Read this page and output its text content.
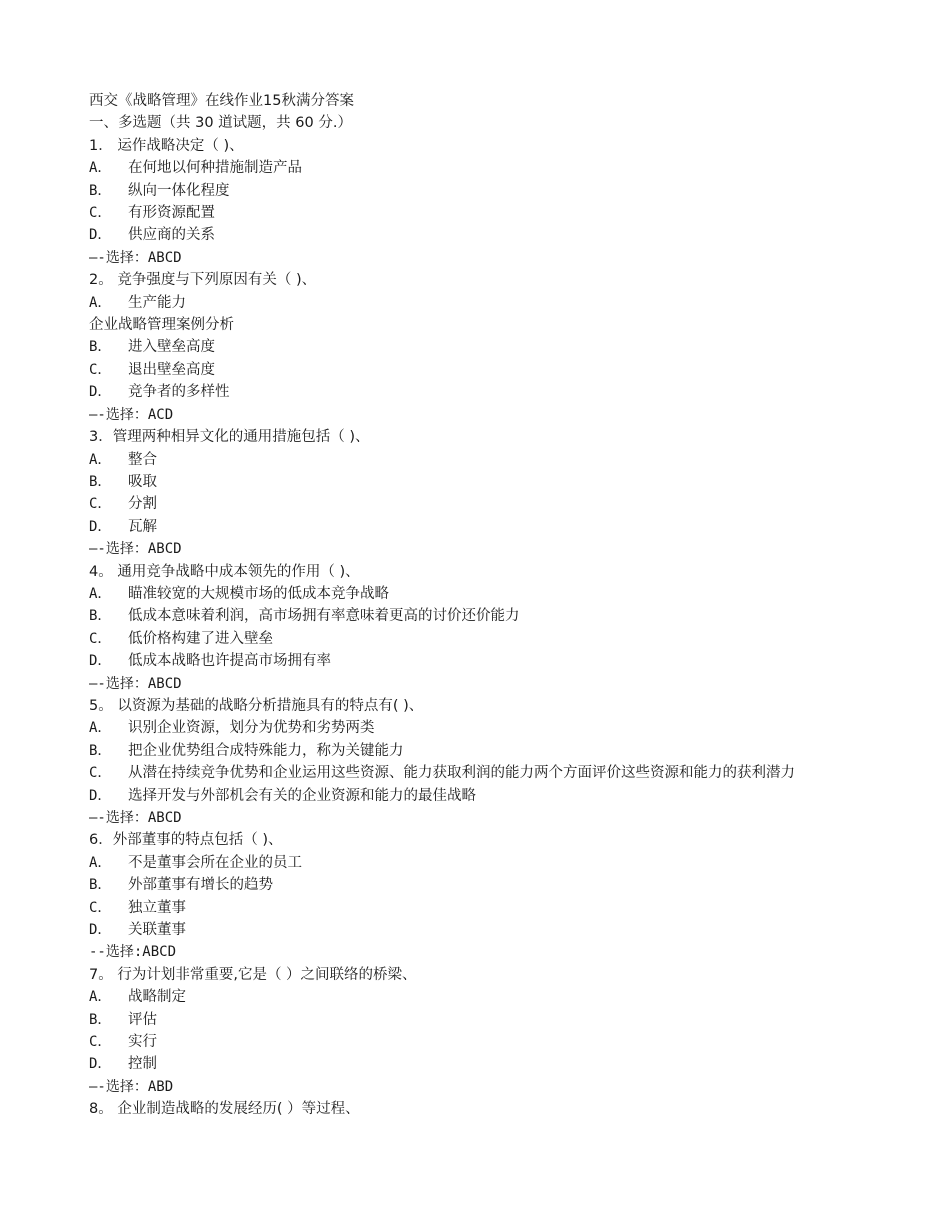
西交《战略管理》在线作业15秋满分答案
一、多选题（共 30 道试题，共 60 分.）
1． 运作战略决定（ )、
A．	在何地以何种措施制造产品
B．	纵向一体化程度
C．	有形资源配置
D．	供应商的关系
–-选择：ABCD
2。 竞争强度与下列原因有关（ )、
A．	生产能力
企业战略管理案例分析
B．	进入壁垒高度
C．	退出壁垒高度
D．	竞争者的多样性
—-选择：ACD
3．管理两种相异文化的通用措施包括（ )、
A．	整合
B．	吸取
C．	分割
D．	瓦解
—-选择：ABCD
4。 通用竞争战略中成本领先的作用（ )、
A．	瞄准较宽的大规模市场的低成本竞争战略
B．	低成本意味着利润，高市场拥有率意味着更高的讨价还价能力
C．	低价格构建了进入壁垒
D．	低成本战略也许提高市场拥有率
—-选择：ABCD
5。 以资源为基础的战略分析措施具有的特点有( )、
A．	识别企业资源，划分为优势和劣势两类
B．	把企业优势组合成特殊能力，称为关键能力
C．	从潜在持续竞争优势和企业运用这些资源、能力获取利润的能力两个方面评价这些资源和能力的获利潜力
D．	选择开发与外部机会有关的企业资源和能力的最佳战略
—-选择：ABCD
6．外部董事的特点包括（ )、
A．	不是董事会所在企业的员工
B．	外部董事有增长的趋势
C．	独立董事
D．	关联董事
--选择:ABCD
7。 行为计划非常重要,它是（ ）之间联络的桥梁、
A．	战略制定
B．	评估
C．	实行
D．	控制
—-选择：ABD
8。 企业制造战略的发展经历( ）等过程、
